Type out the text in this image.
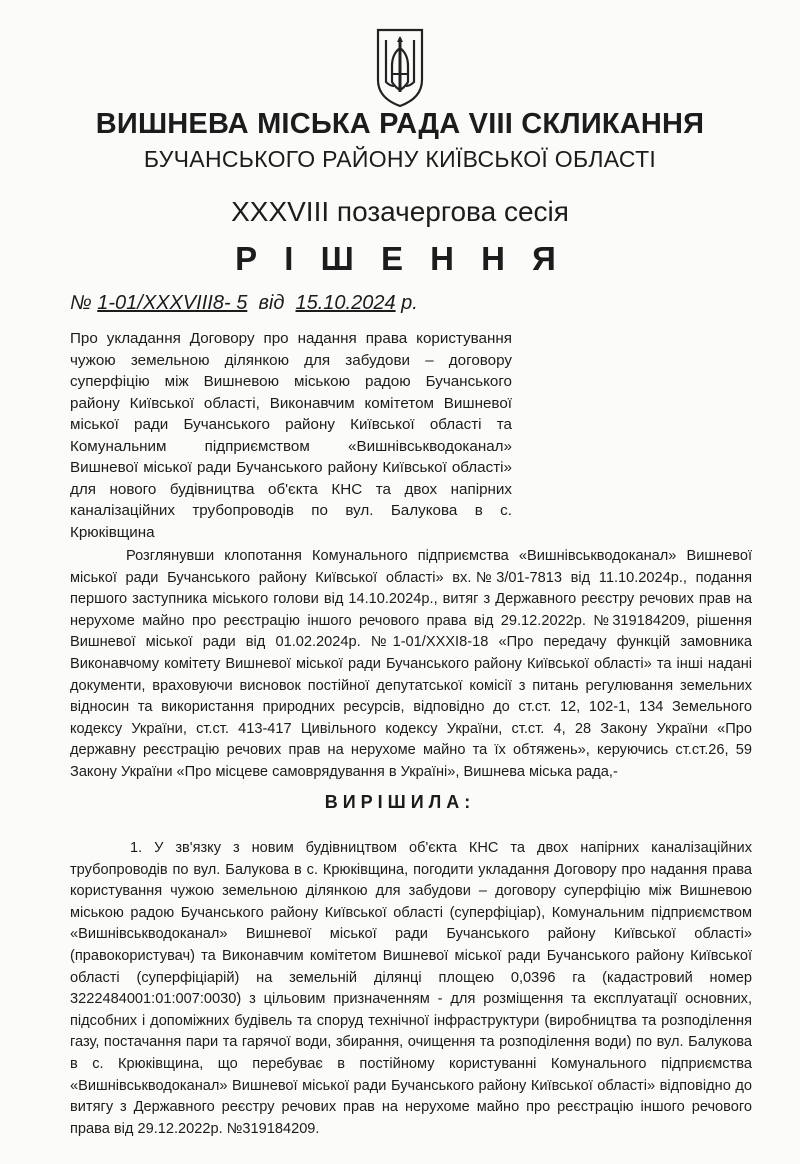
ВИШНЕВА МІСЬКА РАДА VIII СКЛИКАННЯ
БУЧАНСЬКОГО РАЙОНУ КИЇВСЬКОЇ ОБЛАСТІ
XXXVIII позачергова сесія
Р І Ш Е Н Н Я
№ 1-01/XXXVIII8- 5 від 15.10.2024 р.
Про укладання Договору про надання права користування чужою земельною ділянкою для забудови – договору суперфіцію між Вишневою міською радою Бучанського району Київської області, Виконавчим комітетом Вишневої міської ради Бучанського району Київської області та Комунальним підприємством «Вишнівськводоканал» Вишневої міської ради Бучанського району Київської області» для нового будівництва об'єкта КНС та двох напірних каналізаційних трубопроводів по вул. Балукова в с. Крюківщина
Розглянувши клопотання Комунального підприємства «Вишнівськводоканал» Вишневої міської ради Бучанського району Київської області» вх.№3/01-7813 від 11.10.2024р., подання першого заступника міського голови від 14.10.2024р., витяг з Державного реєстру речових прав на нерухоме майно про реєстрацію іншого речового права від 29.12.2022р. №319184209, рішення Вишневої міської ради від 01.02.2024р. №1-01/XXXI8-18 «Про передачу функцій замовника Виконавчому комітету Вишневої міської ради Бучанського району Київської області» та інші надані документи, враховуючи висновок постійної депутатської комісії з питань регулювання земельних відносин та використання природних ресурсів, відповідно до ст.ст. 12, 102-1, 134 Земельного кодексу України, ст.ст. 413-417 Цивільного кодексу України, ст.ст. 4, 28 Закону України «Про державну реєстрацію речових прав на нерухоме майно та їх обтяжень», керуючись ст.ст.26, 59 Закону України «Про місцеве самоврядування в Україні», Вишнева міська рада,-
ВИРІШИЛА:
1. У зв'язку з новим будівництвом об'єкта КНС та двох напірних каналізаційних трубопроводів по вул. Балукова в с. Крюківщина, погодити укладання Договору про надання права користування чужою земельною ділянкою для забудови – договору суперфіцію між Вишневою міською радою Бучанського району Київської області (суперфіціар), Комунальним підприємством «Вишнівськводоканал» Вишневої міської ради Бучанського району Київської області» (правокористувач) та Виконавчим комітетом Вишневої міської ради Бучанського району Київської області (суперфіціарій) на земельній ділянці площею 0,0396 га (кадастровий номер 3222484001:01:007:0030) з цільовим призначенням - для розміщення та експлуатації основних, підсобних і допоміжних будівель та споруд технічної інфраструктури (виробництва та розподілення газу, постачання пари та гарячої води, збирання, очищення та розподілення води) по вул. Балукова в с. Крюківщина, що перебуває в постійному користуванні Комунального підприємства «Вишнівськводоканал» Вишневої міської ради Бучанського району Київської області» відповідно до витягу з Державного реєстру речових прав на нерухоме майно про реєстрацію іншого речового права від 29.12.2022р. №319184209.
